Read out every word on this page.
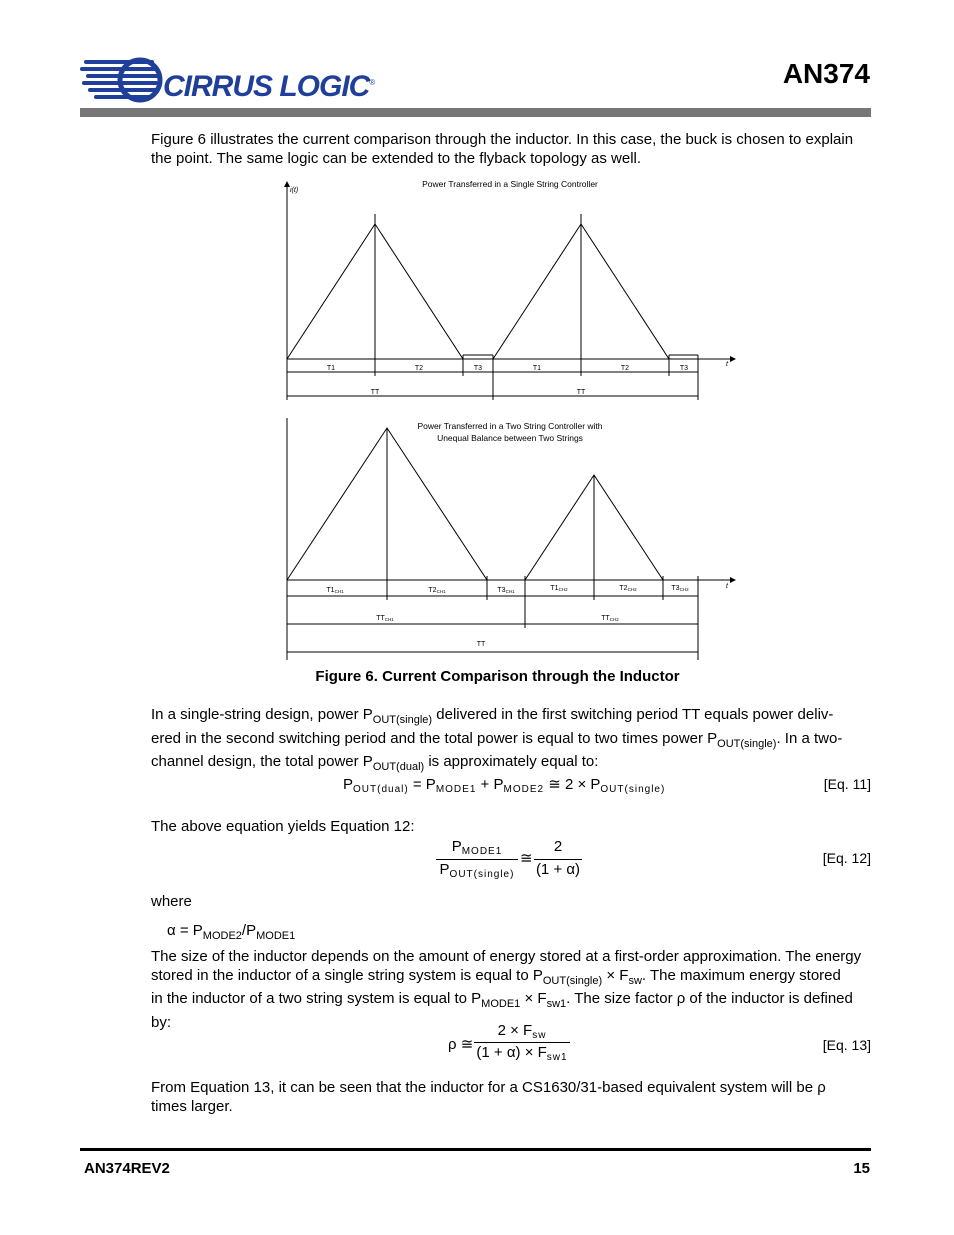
CIRRUS LOGIC®	AN374
Figure 6 illustrates the current comparison through the inductor. In this case, the buck is chosen to explain
the point. The same logic can be extended to the flyback topology as well.
i(t)
t
Power Transferred in a Single String Controller
T1	T2	T3	T1	T2	T3
TT	TT
t
Power Transferred in a Two String Controller with
Unequal Balance between Two Strings
T1CH1	T2CH1	T3CH1	T1CH2	T2CH2	T3CH2
TTCH1	TTCH2
TT
Figure 6. Current Comparison through the Inductor
In a single-string design, power $P_{OUT(single)}$ delivered in the first switching period TT equals power deliv-
ered in the second switching period and the total power is equal to two times power $P_{OUT(single)}$. In a two-
channel design, the total power $P_{OUT(dual)}$ is approximately equal to:
$P_{OUT(dual)} = P_{MODE1} + P_{MODE2}$ ≅ $2 \times P_{OUT(single)}$	[Eq. 11]
The above equation yields Equation 12:
$P_{MODE1}$
$P_{OUT(single)}$
≅
2
(1 + α)
[Eq. 12]
where
$\alpha = P_{MODE2}/P_{MODE1}$
The size of the inductor depends on the amount of energy stored at a first-order approximation. The energy
stored in the inductor of a single string system is equal to $P_{OUT(single)} \times F_{sw}$. The maximum energy stored
in the inductor of a two string system is equal to $P_{MODE1} \times F_{sw1}$. The size factor ρ of the inductor is defined
by:
ρ ≅
$2 \times F_{sw}$
$(1 + \alpha) \times F_{sw1}$
[Eq. 13]
From Equation 13, it can be seen that the inductor for a CS1630/31-based equivalent system will be ρ
times larger.
AN374REV2	15
